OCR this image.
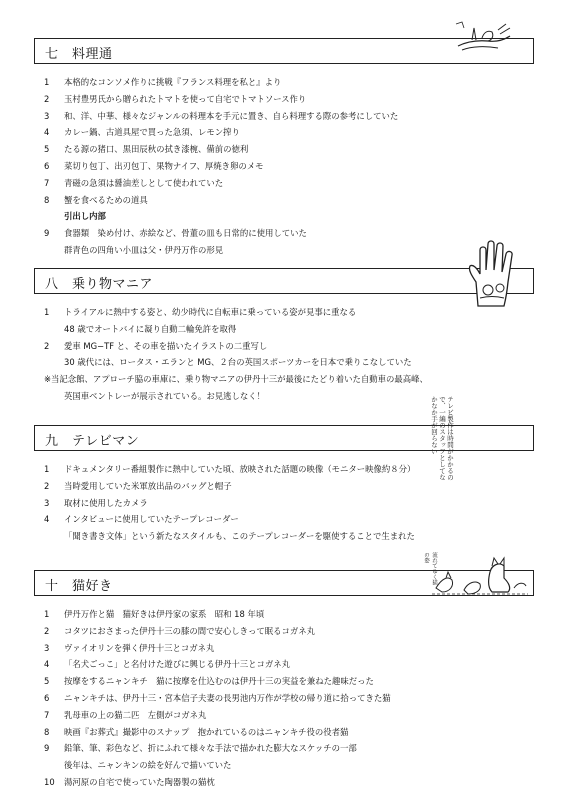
七　料理通
1	本格的なコンソメ作りに挑戦『フランス料理を私と』より
2	玉村豊男氏から贈られたトマトを使って自宅でトマトソース作り
3	和、洋、中華、様々なジャンルの料理本を手元に置き、自ら料理する際の参考にしていた
4	カレー鍋、古道具屋で買った急須、レモン搾り
5	たる源の猪口、黒田辰秋の拭き漆椀、備前の徳利
6	菜切り包丁、出刃包丁、果物ナイフ、厚焼き卵のメモ
7	青磁の急須は醤油差しとして使われていた
8	蟹を食べるための道具
引出し内部
9	食器類　染め付け、赤絵など、骨董の皿も日常的に使用していた
群青色の四角い小皿は父・伊丹万作の形見
八　乗り物マニア
1	トライアルに熱中する姿と、幼少時代に自転車に乗っている姿が見事に重なる
48 歳でオートバイに凝り自動二輪免許を取得
2	愛車 MG−TF と、その車を描いたイラストの二重写し
30 歳代には、ロータス・エランと MG、２台の英国スポーツカーを日本で乗りこなしていた
※当記念館、アプローチ脇の車庫に、乗り物マニアの伊丹十三が最後にたどり着いた自動車の最高峰、
英国車ベントレーが展示されている。お見逃しなく！
九　テレビマン
1	ドキュメンタリー番組製作に熱中していた頃、放映された話題の映像（モニター映像約８分）
2	当時愛用していた米軍放出品のバッグと帽子
3	取材に使用したカメラ
4	インタビューに使用していたテープレコーダー
「聞き書き文体」という新たなスタイルも、このテープレコーダーを駆使することで生まれた
十　猫好き
1	伊丹万作と猫　猫好きは伊丹家の家系　昭和 18 年頃
2	コタツにおさまった伊丹十三の膝の間で安心しきって眠るコガネ丸
3	ヴァイオリンを弾く伊丹十三とコガネ丸
4	「名犬ごっこ」と名付けた遊びに興じる伊丹十三とコガネ丸
5	按摩をするニャンキチ　猫に按摩を仕込むのは伊丹十三の実益を兼ねた趣味だった
6	ニャンキチは、伊丹十三・宮本信子夫妻の長男池内万作が学校の帰り道に拾ってきた猫
7	乳母車の上の猫二匹　左側がコガネ丸
8	映画『お葬式』撮影中のスナップ　抱かれているのはニャンキチ役の役者猫
9	鉛筆、筆、彩色など、折にふれて様々な手法で描かれた膨大なスケッチの一部
後年は、ニャンキンの絵を好んで描いていた
10	湯河原の自宅で使っていた陶器製の猫枕
テレビ製作は時間がかかるので、一編のスタッフとしてなかなか手が回らない
流れてゆく猫の姿
